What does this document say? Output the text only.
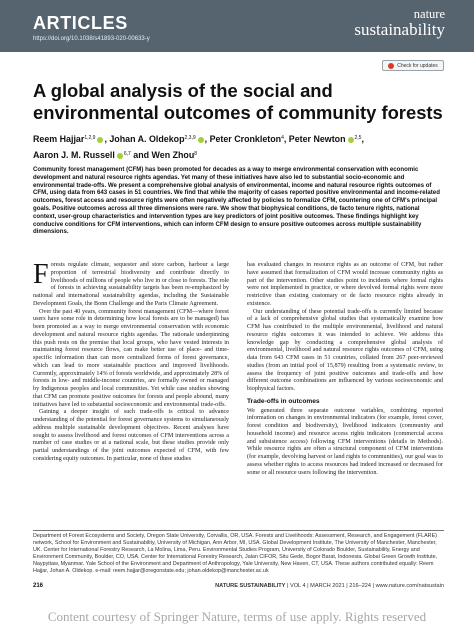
ARTICLES
https://doi.org/10.1038/s41893-020-00633-y
nature
sustainability
Check for updates
A global analysis of the social and environmental outcomes of community forests
Reem Hajjar$^{1,2,9}$ , Johan A. Oldekop$^{2,3,9}$ , Peter Cronkleton$^4$, Peter Newton $^{2,5}$,
Aaron J. M. Russell $^{6,7}$ and Wen Zhou$^8$

Community forest management (CFM) has been promoted for decades as a way to merge environmental conservation with economic development and natural resource rights agendas. Yet many of these initiatives have also led to substantial socio-economic and environmental trade-offs. We present a comprehensive global analysis of environmental, income and natural resource rights outcomes of CFM, using data from 643 cases in 51 countries. We find that while the majority of cases reported positive environmental and income-related outcomes, forest access and resource rights were often negatively affected by policies to formalize CFM, countering one of CFM's principal goals. Positive outcomes across all three dimensions were rare. We show that biophysical conditions, de facto tenure rights, national context, user-group characteristics and intervention types are key predictors of joint positive outcomes. These findings highlight key conducive conditions for CFM interventions, which can inform CFM design to ensure positive outcomes across multiple sustainability dimensions.

Forests regulate climate, sequester and store carbon, harbour a large proportion of terrestrial biodiversity and contribute directly to livelihoods of millions of people who live in or close to forests. The role of forests in achieving sustainability targets has been re-emphasized by national and international sustainability agendas, including the Sustainable Development Goals, the Bonn Challenge and the Paris Climate Agreement.

Over the past 40 years, community forest management (CFM—where forest users have some role in determining how local forests are to be managed) has been promoted as a way to merge environmental conservation with economic development and natural resource rights agendas. The rationale underpinning this push rests on the premise that local groups, who have vested interests in maintaining forest resource flows, can make better use of place- and time-specific information than can more centralized forms of forest governance, which can lead to more sustainable practices and improved livelihoods. Currently, approximately 14% of forests worldwide, and approximately 28% of forests in low- and middle-income countries, are formally owned or managed by Indigenous peoples and local communities. Yet while case studies showing that CFM can promote positive outcomes for forests and people abound, many initiatives have led to substantial socioeconomic and environmental trade-offs.

Gaining a deeper insight of such trade-offs is critical to advance understanding of the potential for forest governance systems to simultaneously address multiple sustainable development objectives. Recent analyses have sought to assess livelihood and forest outcomes of CFM interventions across a number of case studies or at a national scale, but these studies provide only partial understandings of the joint outcomes expected of CFM, with few considering equity outcomes. In particular, none of these studies

has evaluated changes in resource rights as an outcome of CFM, but rather have assumed that formalization of CFM would increase community rights as part of the intervention. Other studies point to incidents where formal rights were not implemented in practice, or where devolved formal rights were more restrictive than existing customary or de facto resource rights already in existence.

Our understanding of these potential trade-offs is currently limited because of a lack of comprehensive global studies that systematically examine how CFM has contributed to the multiple environmental, livelihood and natural resource rights outcomes it was intended to achieve. We address this knowledge gap by conducting a comprehensive global analysis of environmental, livelihood and natural resource rights outcomes of CFM, using data from 643 CFM cases in 51 countries, collated from 267 peer-reviewed studies (from an initial pool of 15,879) resulting from a systematic review, to assess the frequency of joint positive outcomes and trade-offs and how different outcome combinations are influenced by various socioeconomic and biophysical factors.

Trade-offs in outcomes

We generated three separate outcome variables, combining reported information on changes in environmental indicators (for example, forest cover, forest condition and biodiversity), livelihood indicators (community and household income) and resource access rights indicators (commercial access and subsistence access) following CFM interventions (details in Methods). While resource rights are often a structural component of CFM interventions (for example, devolving harvest or land rights to communities), our goal was to assess whether rights to access resources had indeed increased or decreased for some or all resource users following the intervention.

Department of Forest Ecosystems and Society, Oregon State University, Corvallis, OR, USA. Forests and Livelihoods: Assessment, Research, and Engagement (FLARE) network, School for Environment and Sustainability, University of Michigan, Ann Arbor, MI, USA. Global Development Institute, The University of Manchester, Manchester, UK. Center for International Forestry Research, La Molina, Lima, Peru. Environmental Studies Program, University of Colorado Boulder, Sustainability, Energy and Environment Community, Boulder, CO, USA. Center for International Forestry Research, Jalan CIFOR, Situ Gede, Bogor Barat, Indonesia. Global Green Growth Institute, Naypyitaw, Myanmar. Yale School of the Environment and Department of Anthropology, Yale University, New Haven, CT, USA. These authors contributed equally: Reem Hajjar, Johan A. Oldekop. e-mail: reem.hajjar@oregonstate.edu; johan.oldekop@manchester.ac.uk

216	NATURE SUSTAINABILITY | VOL 4 | MARCH 2021 | 216–224 | www.nature.com/natsustain
Content courtesy of Springer Nature, terms of use apply. Rights reserved
